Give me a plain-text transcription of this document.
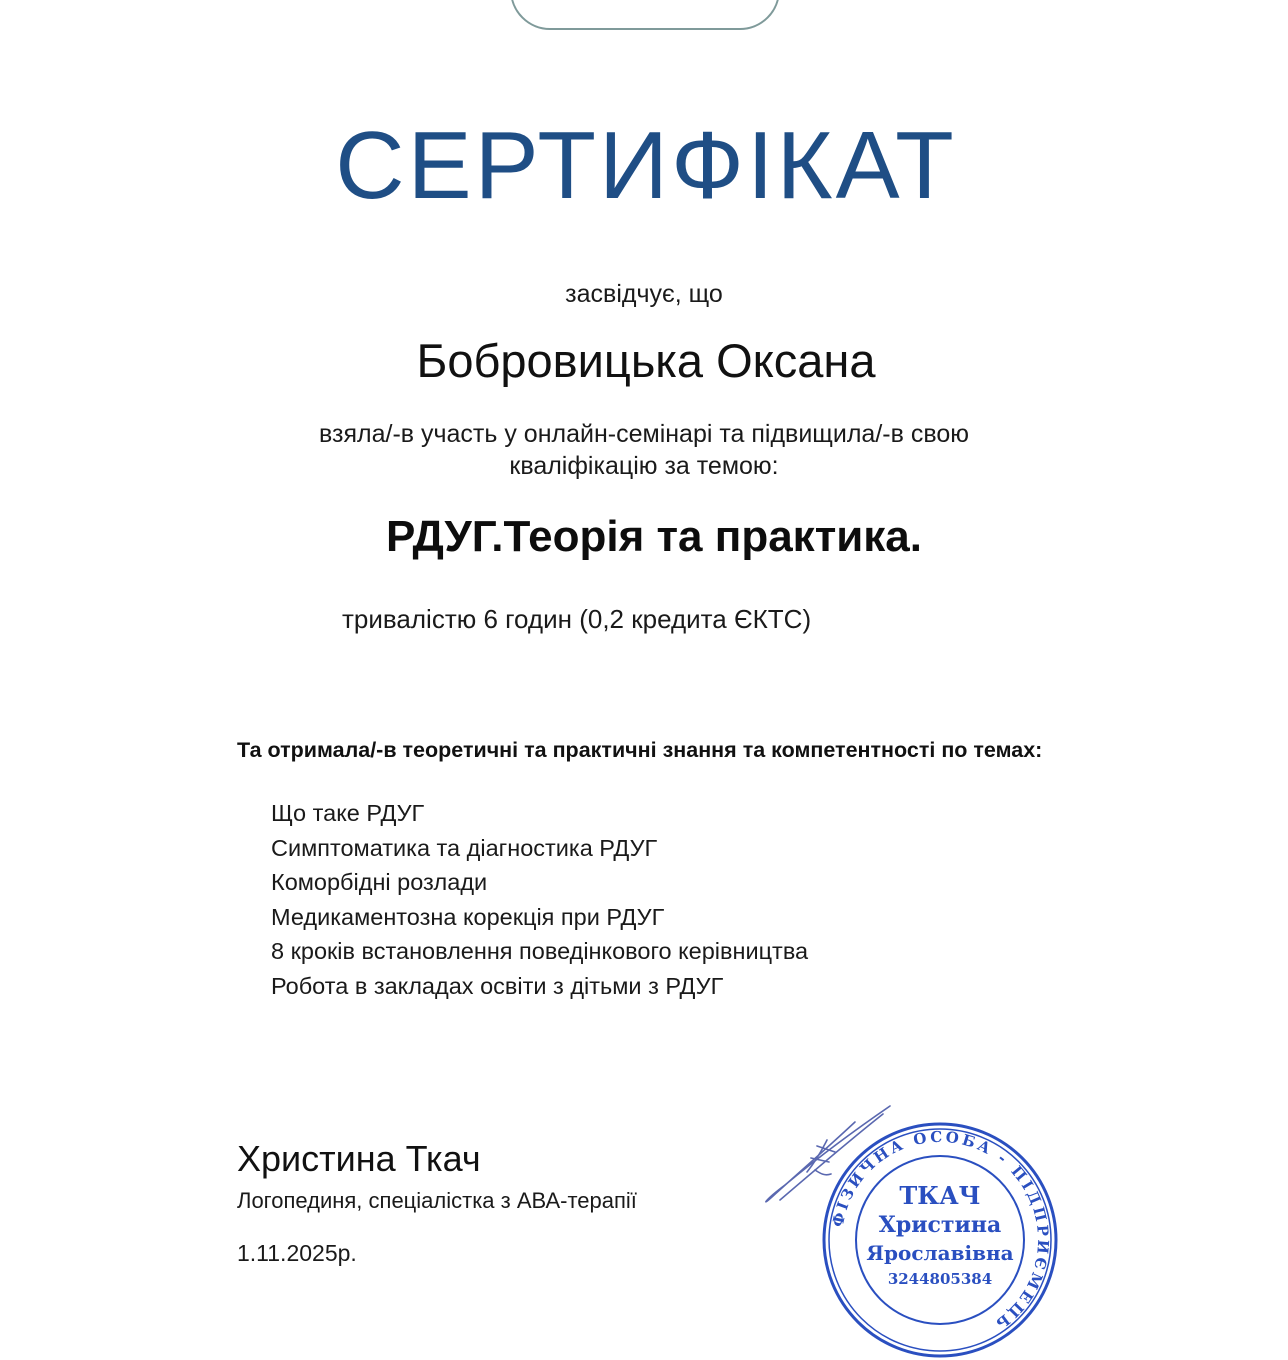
СЕРТИФІКАТ
засвідчує, що
Бобровицька Оксана
взяла/-в участь у онлайн-семінарі та підвищила/-в свою
кваліфікацію за темою:
РДУГ.Теорія та практика.
тривалістю 6 годин (0,2 кредита ЄКТС)
Та отримала/-в теоретичні та практичні знання та компетентності по темах:
Що таке РДУГ
Симптоматика та діагностика РДУГ
Коморбідні розлади
Медикаментозна корекція при РДУГ
8 кроків встановлення поведінкового керівництва
Робота в закладах освіти з дітьми з РДУГ
Христина Ткач
Логопединя, спеціалістка з АВА-терапії
1.11.2025р.
ФІЗИЧНА ОСОБА - ПІДПРИЄМЕЦЬ
ТКАЧ
Христина
Ярославівна
3244805384
